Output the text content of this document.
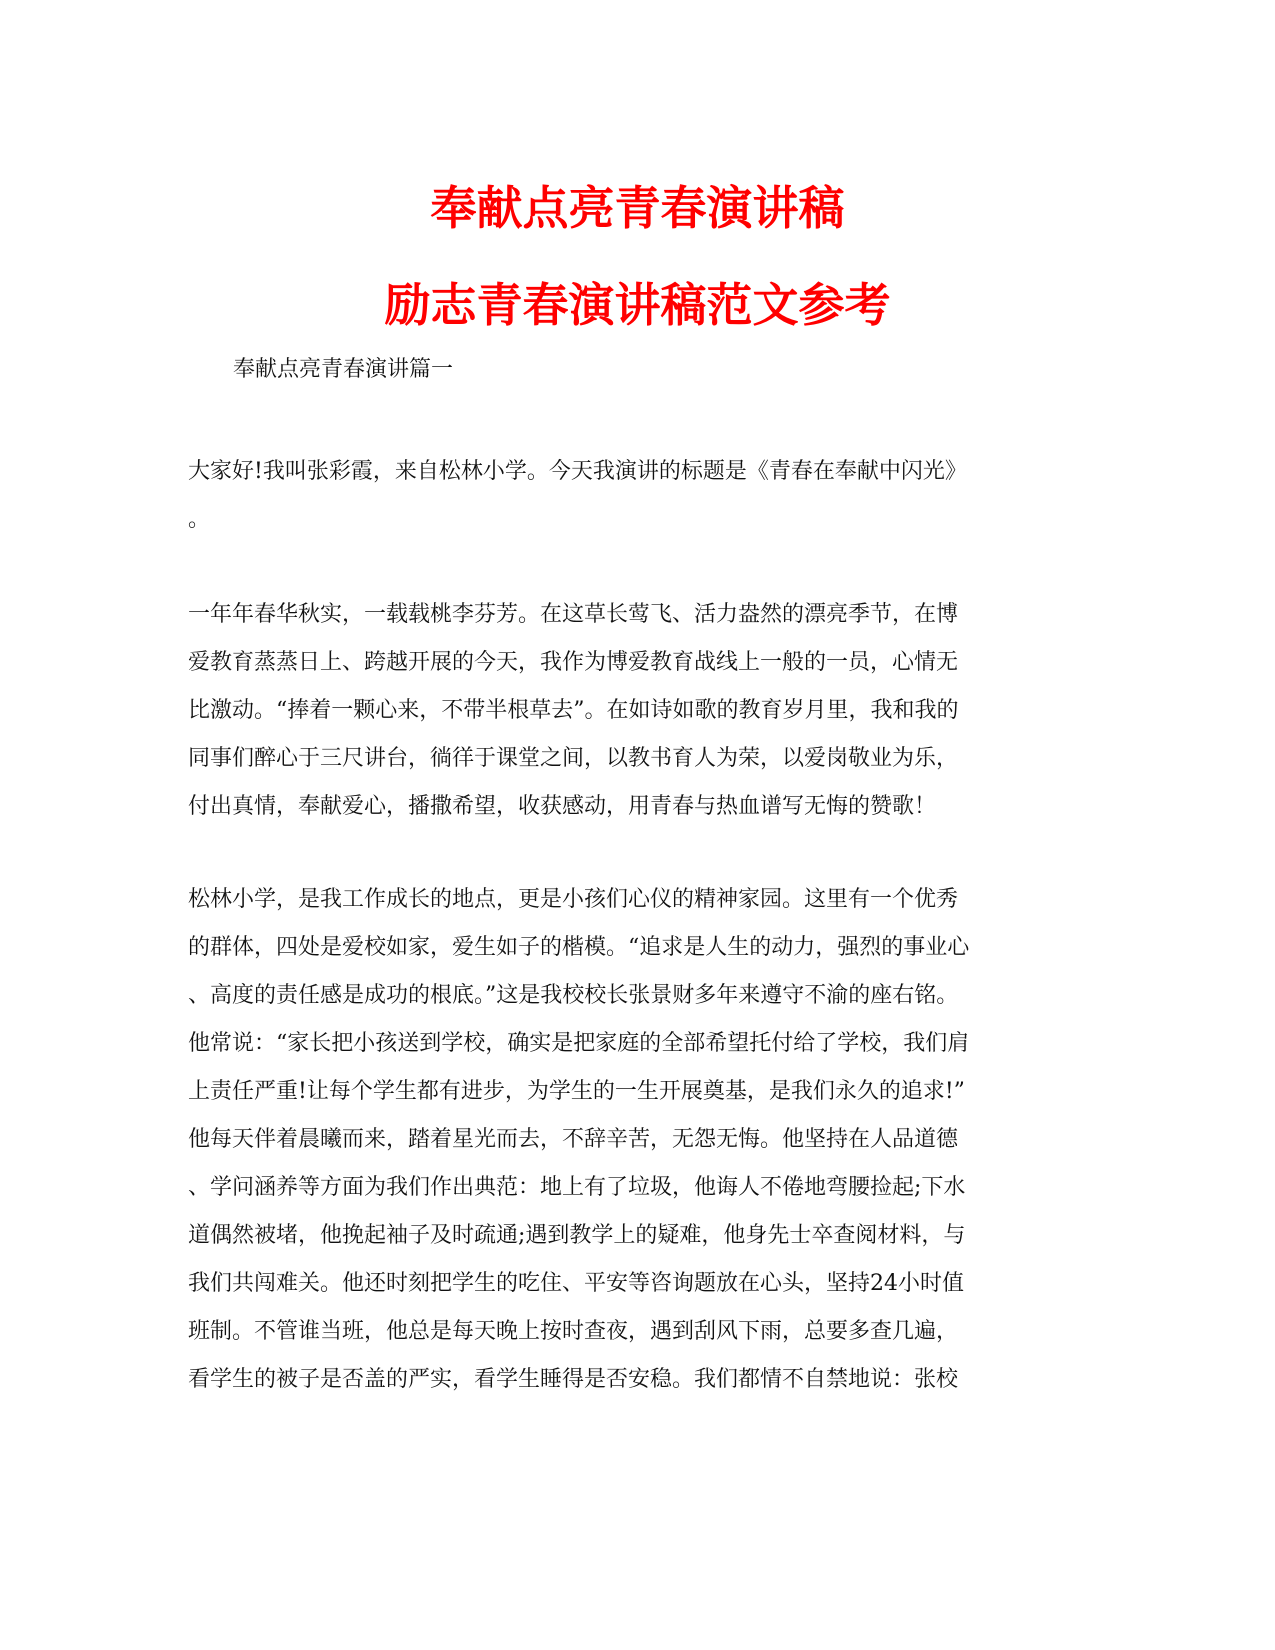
奉献点亮青春演讲稿
励志青春演讲稿范文参考

奉献点亮青春演讲篇一

大家好!我叫张彩霞，来自松林小学。今天我演讲的标题是《青春在奉献中闪光》
。
一年年春华秋实，一载载桃李芬芳。在这草长莺飞、活力盎然的漂亮季节，在博
爱教育蒸蒸日上、跨越开展的今天，我作为博爱教育战线上一般的一员，心情无
比激动。“捧着一颗心来，不带半根草去”。在如诗如歌的教育岁月里，我和我的
同事们醉心于三尺讲台，徜徉于课堂之间，以教书育人为荣，以爱岗敬业为乐，
付出真情，奉献爱心，播撒希望，收获感动，用青春与热血谱写无悔的赞歌！
松林小学，是我工作成长的地点，更是小孩们心仪的精神家园。这里有一个优秀
的群体，四处是爱校如家，爱生如子的楷模。“追求是人生的动力，强烈的事业心
、高度的责任感是成功的根底。”这是我校校长张景财多年来遵守不渝的座右铭。
他常说：“家长把小孩送到学校，确实是把家庭的全部希望托付给了学校，我们肩
上责任严重!让每个学生都有进步，为学生的一生开展奠基，是我们永久的追求!”
他每天伴着晨曦而来，踏着星光而去，不辞辛苦，无怨无悔。他坚持在人品道德
、学问涵养等方面为我们作出典范：地上有了垃圾，他诲人不倦地弯腰捡起;下水
道偶然被堵，他挽起袖子及时疏通;遇到教学上的疑难，他身先士卒查阅材料，与
我们共闯难关。他还时刻把学生的吃住、平安等咨询题放在心头，坚持24小时值
班制。不管谁当班，他总是每天晚上按时查夜，遇到刮风下雨，总要多查几遍，
看学生的被子是否盖的严实，看学生睡得是否安稳。我们都情不自禁地说：张校
